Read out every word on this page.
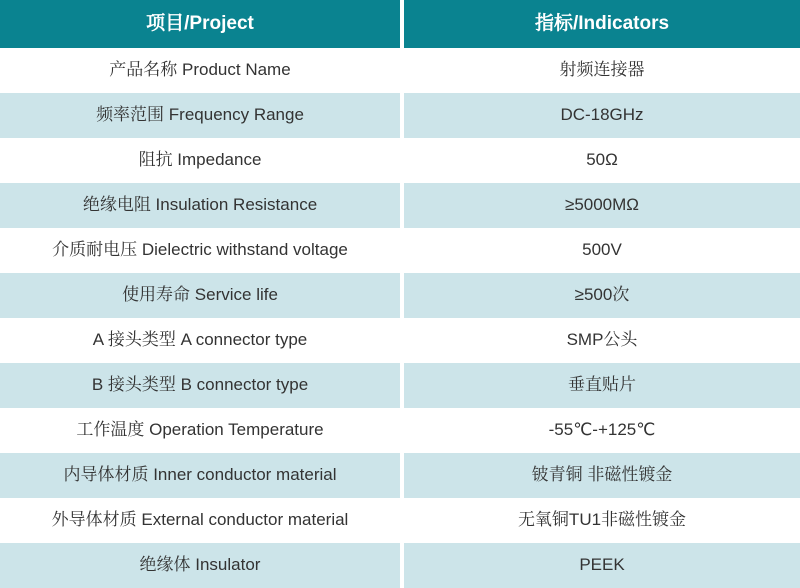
项目/Project	指标/Indicators
产品名称 Product Name	射频连接器
频率范围 Frequency Range	DC-18GHz
阻抗 Impedance	50Ω
绝缘电阻 Insulation Resistance	≥5000MΩ
介质耐电压 Dielectric withstand voltage	500V
使用寿命 Service life	≥500次
A 接头类型 A connector type	SMP公头
B 接头类型 B connector type	垂直贴片
工作温度 Operation Temperature	-55℃-+125℃
内导体材质 Inner conductor material	铍青铜 非磁性镀金
外导体材质 External conductor material	无氧铜TU1非磁性镀金
绝缘体 Insulator	PEEK
